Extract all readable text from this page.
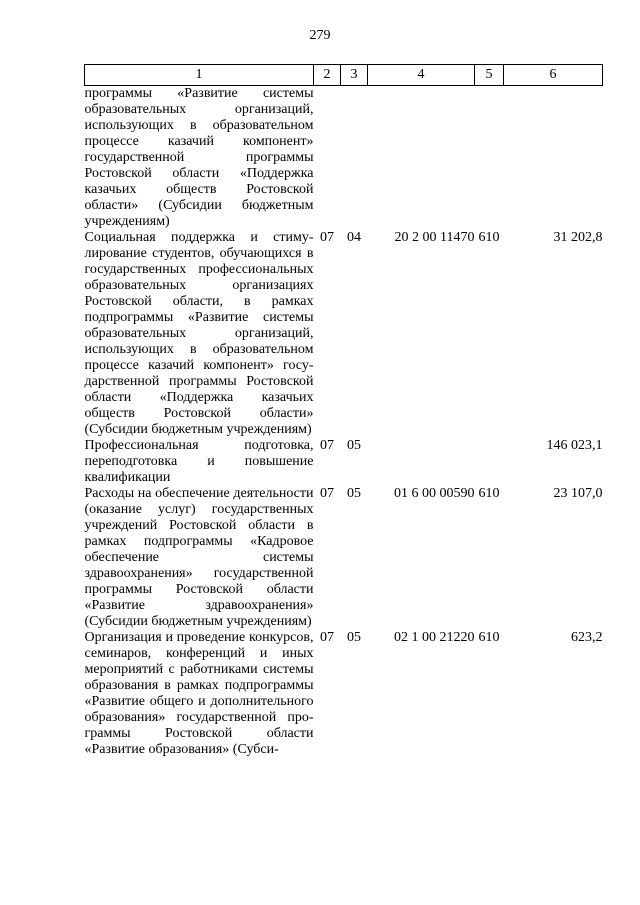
279
1	2	3	4	5	6
программы «Развитие системы образовательных организаций, использующих в образовательном процессе казачий компонент» государственной программы Ростовской области «Поддержка казачьих обществ Ростовской области» (Субсидии бюджетным учреждениям)					
Социальная поддержка и стимулирование студентов, обучающихся в государственных профессиональных образовательных организациях Ростовской области, в рамках подпрограммы «Развитие системы образовательных организаций, использующих в образовательном процессе казачий компонент» государственной программы Ростовской области «Поддержка казачьих обществ Ростовской области» (Субсидии бюджетным учреждениям)	07	04	20 2 00 11470	610	31 202,8
Профессиональная подготовка, переподготовка и повышение квалификации	07	05			146 023,1
Расходы на обеспечение деятельности (оказание услуг) государственных учреждений Ростовской области в рамках подпрограммы «Кадровое обеспечение системы здравоохранения» государственной программы Ростовской области «Развитие здравоохранения» (Субсидии бюджетным учреждениям)	07	05	01 6 00 00590	610	23 107,0
Организация и проведение конкурсов, семинаров, конференций и иных мероприятий с работниками системы образования в рамках подпрограммы «Развитие общего и дополнительного образования» государственной программы Ростовской области «Развитие образования» (Субси-	07	05	02 1 00 21220	610	623,2
